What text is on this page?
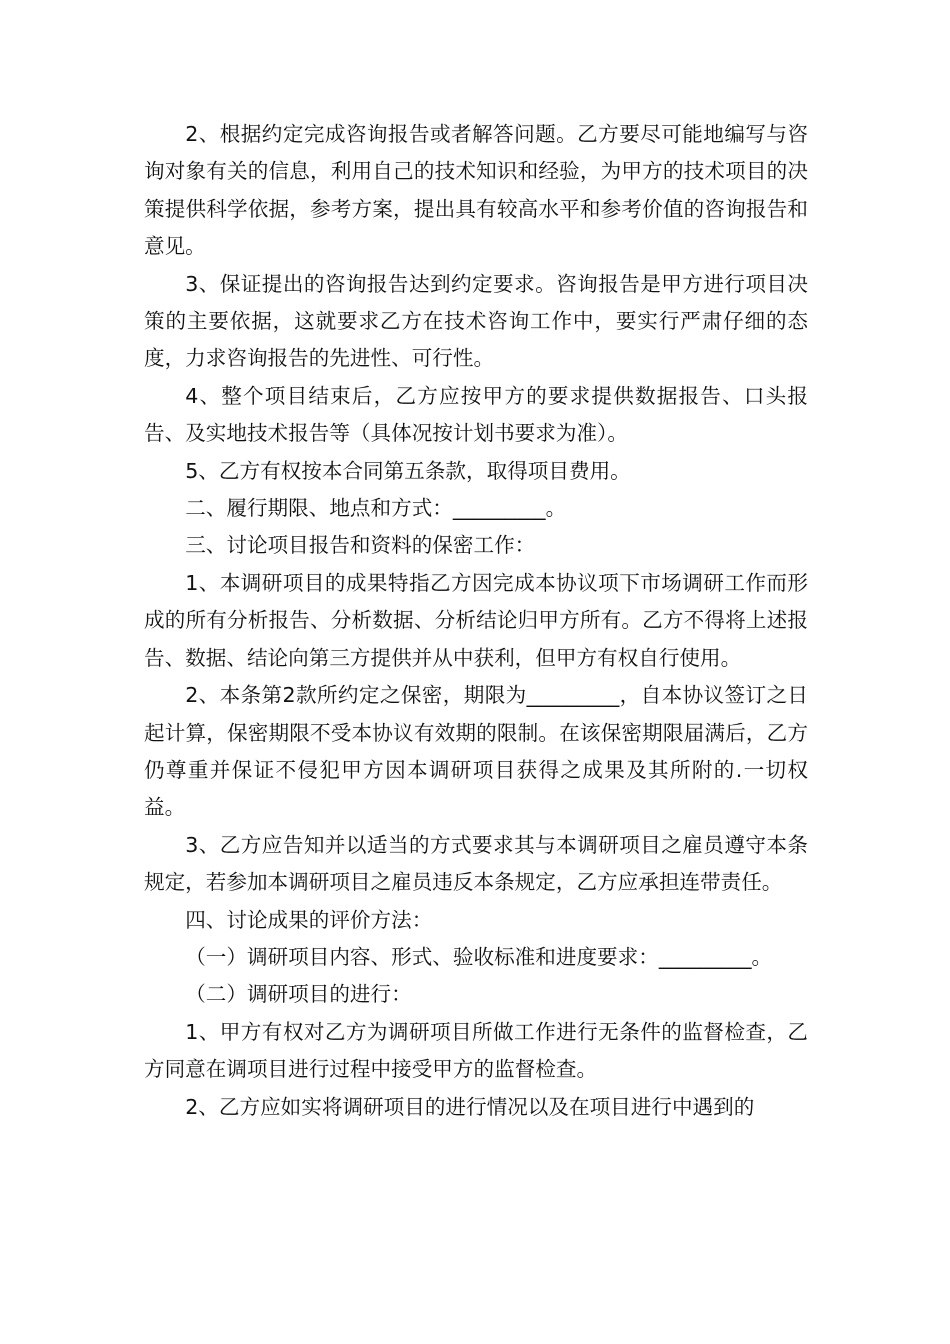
2、根据约定完成咨询报告或者解答问题。乙方要尽可能地编写与咨询对象有关的信息，利用自己的技术知识和经验，为甲方的技术项目的决策提供科学依据，参考方案，提出具有较高水平和参考价值的咨询报告和意见。

3、保证提出的咨询报告达到约定要求。咨询报告是甲方进行项目决策的主要依据，这就要求乙方在技术咨询工作中，要实行严肃仔细的态度，力求咨询报告的先进性、可行性。

4、整个项目结束后，乙方应按甲方的要求提供数据报告、口头报告、及实地技术报告等（具体况按计划书要求为准）。

5、乙方有权按本合同第五条款，取得项目费用。

二、履行期限、地点和方式：_________。

三、讨论项目报告和资料的保密工作：

1、本调研项目的成果特指乙方因完成本协议项下市场调研工作而形成的所有分析报告、分析数据、分析结论归甲方所有。乙方不得将上述报告、数据、结论向第三方提供并从中获利，但甲方有权自行使用。

2、本条第2款所约定之保密，期限为_________，自本协议签订之日起计算，保密期限不受本协议有效期的限制。在该保密期限届满后，乙方仍尊重并保证不侵犯甲方因本调研项目获得之成果及其所附的.一切权益。

3、乙方应告知并以适当的方式要求其与本调研项目之雇员遵守本条规定，若参加本调研项目之雇员违反本条规定，乙方应承担连带责任。

四、讨论成果的评价方法：

（一）调研项目内容、形式、验收标准和进度要求：_________。

（二）调研项目的进行：

1、甲方有权对乙方为调研项目所做工作进行无条件的监督检查，乙方同意在调项目进行过程中接受甲方的监督检查。

2、乙方应如实将调研项目的进行情况以及在项目进行中遇到的
